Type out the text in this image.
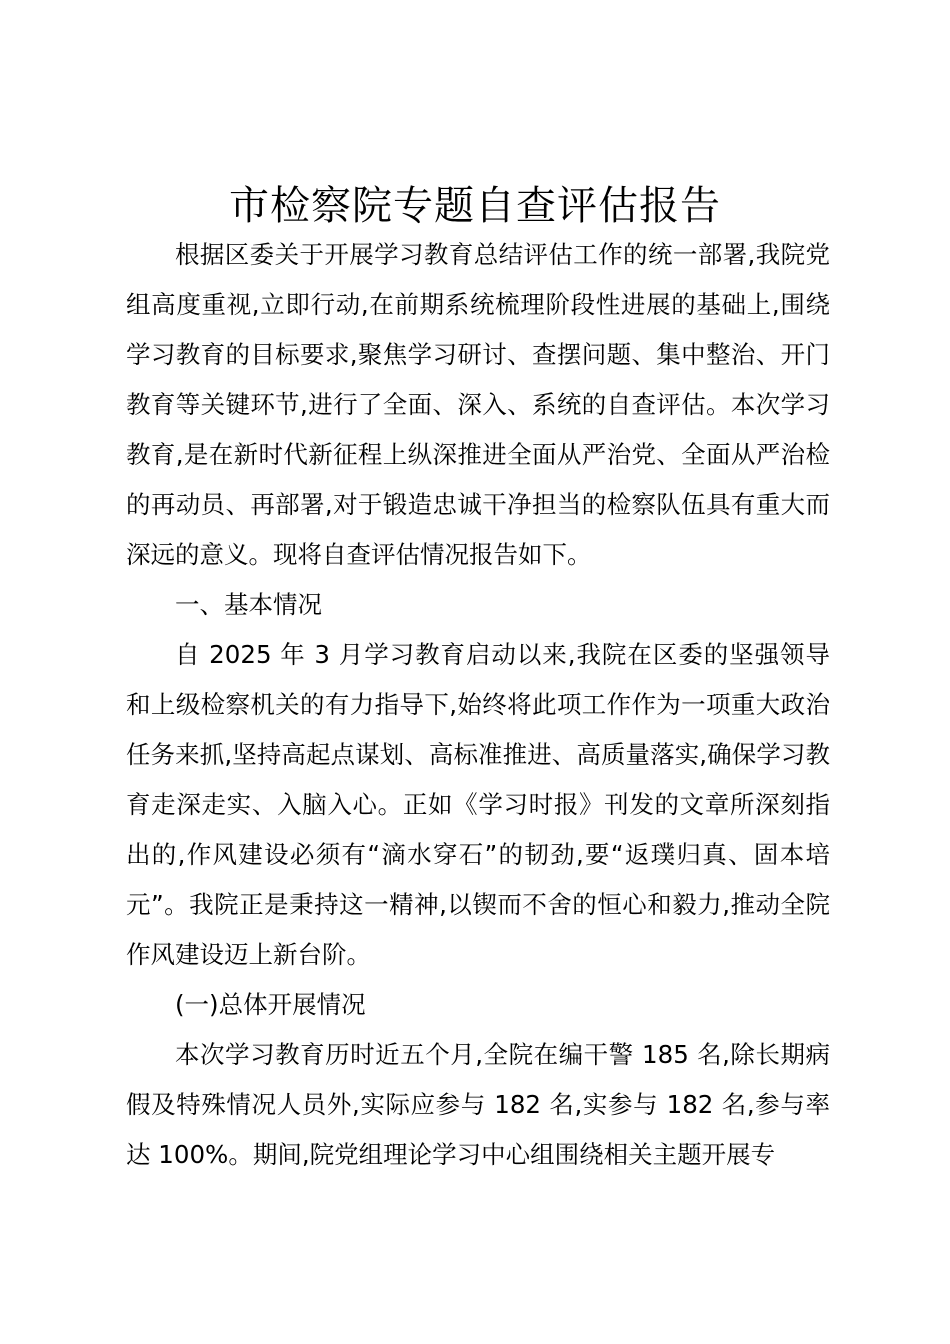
市检察院专题自查评估报告

根据区委关于开展学习教育总结评估工作的统一部署,我院党组高度重视,立即行动,在前期系统梳理阶段性进展的基础上,围绕学习教育的目标要求,聚焦学习研讨、查摆问题、集中整治、开门教育等关键环节,进行了全面、深入、系统的自查评估。本次学习教育,是在新时代新征程上纵深推进全面从严治党、全面从严治检的再动员、再部署,对于锻造忠诚干净担当的检察队伍具有重大而深远的意义。现将自查评估情况报告如下。

一、基本情况

自 2025 年 3 月学习教育启动以来,我院在区委的坚强领导和上级检察机关的有力指导下,始终将此项工作作为一项重大政治任务来抓,坚持高起点谋划、高标准推进、高质量落实,确保学习教育走深走实、入脑入心。正如《学习时报》刊发的文章所深刻指出的,作风建设必须有“滴水穿石”的韧劲,要“返璞归真、固本培元”。我院正是秉持这一精神,以锲而不舍的恒心和毅力,推动全院作风建设迈上新台阶。

(一)总体开展情况

本次学习教育历时近五个月,全院在编干警 185 名,除长期病假及特殊情况人员外,实际应参与 182 名,实参与 182 名,参与率达 100%。期间,院党组理论学习中心组围绕相关主题开展专
